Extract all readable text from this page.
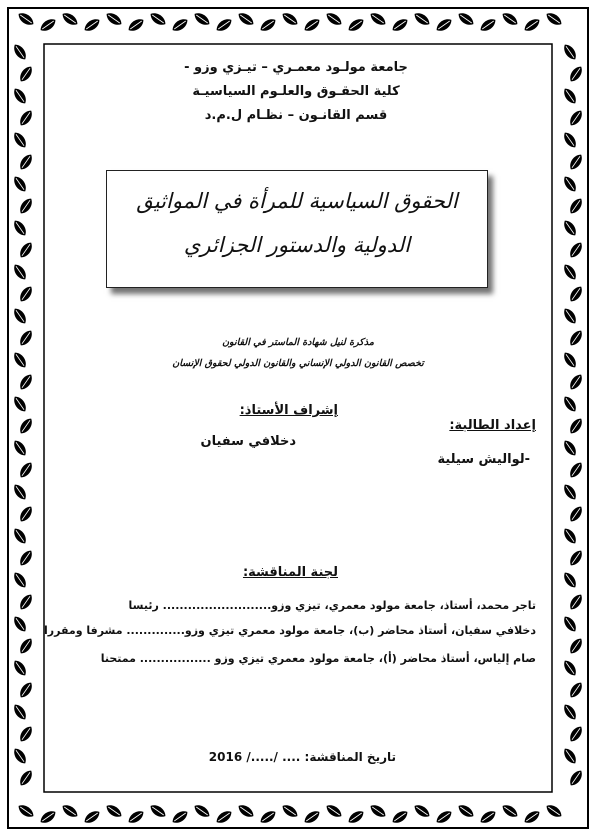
جامعة مولـود معمـري – تيـزي وزو -
كلية الحقـوق والعلـوم السياسيـة
قسم القانـون – نظـام ل.م.د
الحقوق السياسية للمرأة في المواثيق
الدولية والدستور الجزائري
مذكرة لنيل شهادة الماستر في القانون
تخصص القانون الدولي الإنساني والقانون الدولي لحقوق الإنسان
إشراف الأستاذ:
دخلافي سفيان
إعداد الطالبة:
-لواليش سيلية
لجنة المناقشة:
تاجر محمد، أستاذ، جامعة مولود معمري، تيزي وزو.......................... رئيسا
دخلافي سفيان، أستاذ محاضر (ب)، جامعة مولود معمري تيزي وزو.............. مشرفا ومقررا
صام إلياس، أستاذ محاضر (أ)، جامعة مولود معمري تيزي وزو ................. ممتحنا
تاريخ المناقشة: .... /...../ 2016
